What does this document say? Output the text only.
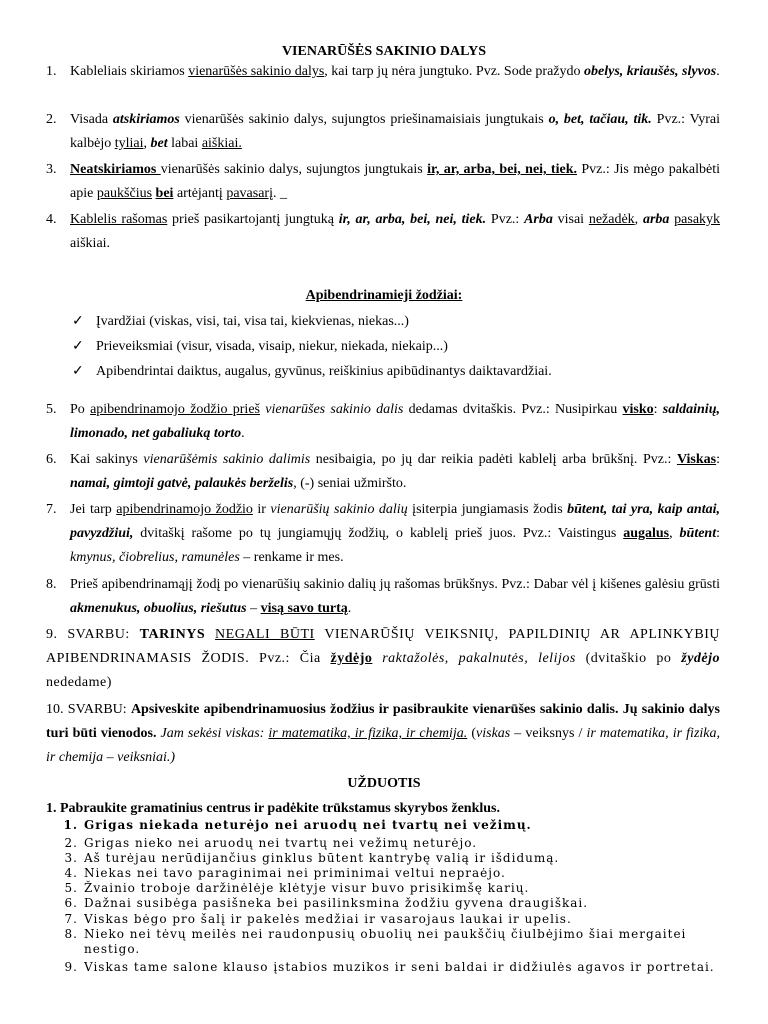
VIENARŪŠĖS SAKINIO DALYS
1. Kableliais skiriamos vienarūšės sakinio dalys, kai tarp jų nėra jungtuko. Pvz. Sode pražydo obelys, kriaušės, slyvos.
2. Visada atskiriamos vienarūšės sakinio dalys, sujungtos priešinamaisiais jungtukais o, bet, tačiau, tik. Pvz.: Vyrai kalbėjo tyliai, bet labai aiškiai.
3. Neatskiriamos vienarūšės sakinio dalys, sujungtos jungtukais ir, ar, arba, bei, nei, tiek. Pvz.: Jis mėgo pakalbėti apie paukščius bei artėjantį pavasarį. _
4. Kablelis rašomas prieš pasikartojantį jungtuką ir, ar, arba, bei, nei, tiek. Pvz.: Arba visai nežadėk, arba pasakyk aiškiai.
Apibendrinamieji žodžiai:
✓ Įvardžiai (viskas, visi, tai, visa tai, kiekvienas, niekas...)
✓ Prieveiksmiai (visur, visada, visaip, niekur, niekada, niekaip...)
✓ Apibendrintai daiktus, augalus, gyvūnus, reiškinius apibūdinantys daiktavardžiai.
5. Po apibendrinamojo žodžio prieš vienarūšes sakinio dalis dedamas dvitaškis. Pvz.: Nusipirkau visko: saldainių, limonado, net gabaliuką torto.
6. Kai sakinys vienarūšėmis sakinio dalimis nesibaigia, po jų dar reikia padėti kablelį arba brūkšnį. Pvz.: Viskas: namai, gimtoji gatvė, palaukės berželis, (-) seniai užmiršto.
7. Jei tarp apibendrinamojo žodžio ir vienarūšių sakinio dalių įsiterpia jungiamasis žodis būtent, tai yra, kaip antai, pavyzdžiui, dvitaškį rašome po tų jungiamųjų žodžių, o kablelį prieš juos. Pvz.: Vaistingus augalus, būtent: kmynus, čiobrelius, ramunėles – renkame ir mes.
8. Prieš apibendrinamąjį žodį po vienarūšių sakinio dalių jų rašomas brūkšnys. Pvz.: Dabar vėl į kišenes galėsiu grūsti akmenukus, obuolius, riešutus – visą savo turtą.
9. SVARBU: TARINYS NEGALI BŪTI VIENARŪŠIŲ VEIKSNIŲ, PAPILDINIŲ AR APLINKYBIŲ APIBENDRINAMASIS ŽODIS. Pvz.: Čia žydėjo raktažolės, pakalnutės, lelijos (dvitaškio po žydėjo nededame)
10. SVARBU: Apsiveskite apibendrinamuosius žodžius ir pasibraukite vienarūšes sakinio dalis. Jų sakinio dalys turi būti vienodos. Jam sekėsi viskas: ir matematika, ir fizika, ir chemija. (viskas – veiksnys / ir matematika, ir fizika, ir chemija – veiksniai.)
UŽDUOTIS
1. Pabraukite gramatinius centrus ir padėkite trūkstamus skyrybos ženklus.
1. Grigas niekada neturėjo nei aruodų nei tvartų nei vežimų.
2. Grigas nieko nei aruodų nei tvartų nei vežimų neturėjo.
3. Aš turėjau nerūdijančius ginklus būtent kantrybę valią ir išdidumą.
4. Niekas nei tavo paraginimai nei priminimai veltui nepraėjo.
5. Žvainio troboje daržinėlėje klėtyje visur buvo prisikimšę karių.
6. Dažnai susibėga pasišneka bei pasilinksmina žodžiu gyvena draugiškai.
7. Viskas bėgo pro šalį ir pakelės medžiai ir vasarojaus laukai ir upelis.
8. Nieko nei tėvų meilės nei raudonpusių obuolių nei paukščių čiulbėjimo šiai mergaitei nestigo.
9. Viskas tame salone klauso įstabios muzikos ir seni baldai ir didžiulės agavos ir portretai.
